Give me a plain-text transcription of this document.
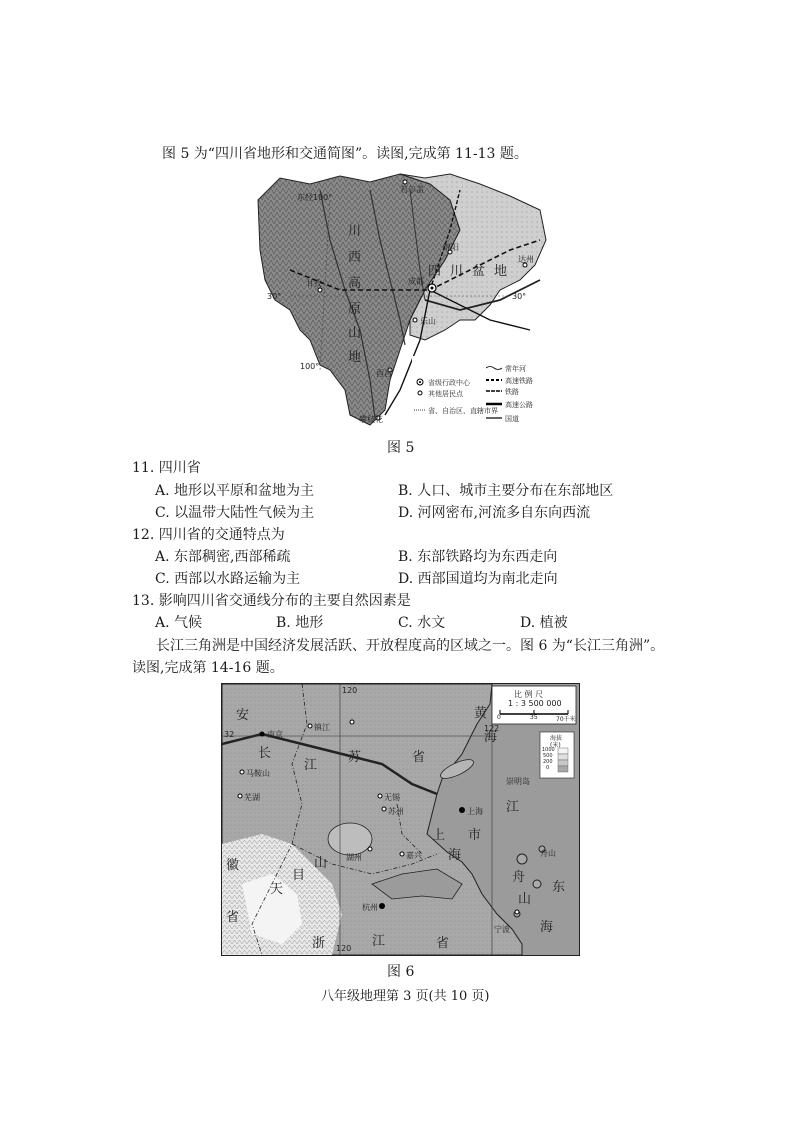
图 5 为“四川省地形和交通简图”。读图,完成第 11-13 题。
东经100°
30°	30°
100°
川
西
高
原
山
地
四 川 盆 地
成都
攀枝花
若尔盖
绵阳
达州
甘孜
乐山
西昌
省级行政中心
其他居民点
省、自治区、直辖市界
常年河
高速铁路
铁路
高速公路
国道
图 5
11. 四川省
A. 地形以平原和盆地为主	B. 人口、城市主要分布在东部地区
C. 以温带大陆性气候为主	D. 河网密布,河流多自东向西流
12. 四川省的交通特点为
A. 东部稠密,西部稀疏	B. 东部铁路均为东西走向
C. 西部以水路运输为主	D. 西部国道均为南北走向
13. 影响四川省交通线分布的主要自然因素是
A. 气候	B. 地形	C. 水文	D. 植被
长江三角洲是中国经济发展活跃、开放程度高的区域之一。图 6 为“长江三角洲”。
读图,完成第 14-16 题。
黄
海
东
海
安
徽
省
江
苏	省
上
海
市
浙	江	省
天
目
山
长
江
舟
山
南京
镇江
无锡
苏州	上海
杭州
宁波
湖州	嘉兴
马鞍山
芜湖
崇明岛
舟山
120
120
122
32
比 例 尺
1 : 3 500 000
0	35	70千米
海拔
(米)
1000
500
200
0
图 6
八年级地理第 3 页(共 10 页)
